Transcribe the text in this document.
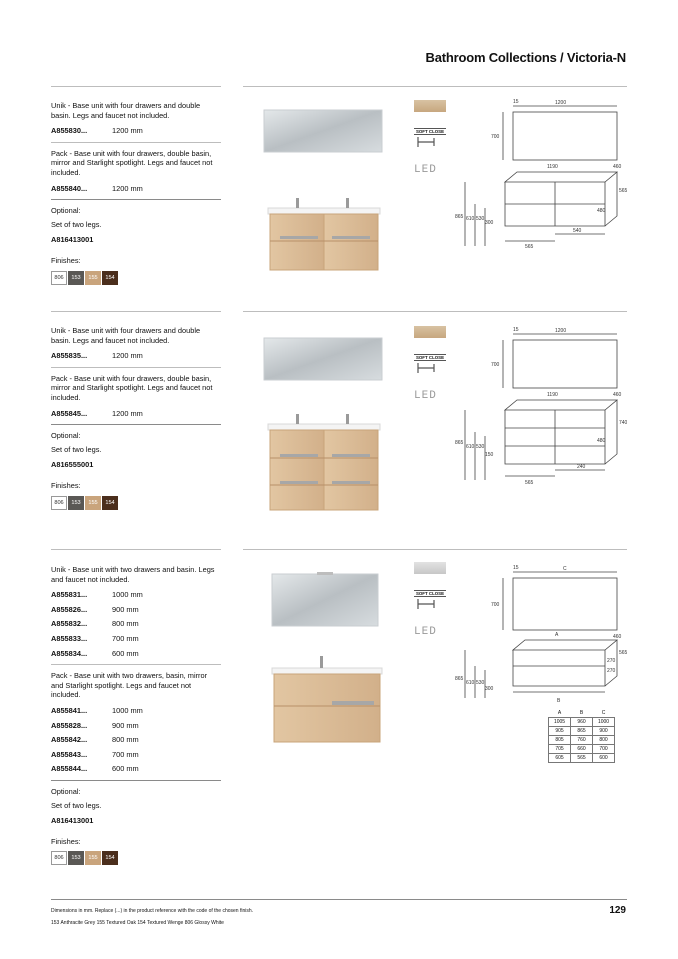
Bathroom Collections / Victoria-N

Unik - Base unit with four drawers and double basin. Legs and faucet not included.

A855830...	1200 mm

Pack - Base unit with four drawers, double basin, mirror and Starlight spotlight. Legs and faucet not included.

A855840...	1200 mm
Optional:
Set of two legs.
A816413001
Finishes:
806	153	155	154

Unik - Base unit with four drawers and double basin. Legs and faucet not included.

A855835...	1200 mm

Pack - Base unit with four drawers, double basin, mirror and Starlight spotlight. Legs and faucet not included.

A855845...	1200 mm
Optional:
Set of two legs.
A816555001
Finishes:
806	153	155	154

Unik - Base unit with two drawers and basin. Legs and faucet not included.

A855831...	1000 mm
A855826...	900 mm
A855832...	800 mm
A855833...	700 mm
A855834...	600 mm

Pack - Base unit with two drawers, basin, mirror and Starlight spotlight. Legs and faucet not included.

A855841...	1000 mm
A855828...	900 mm
A855842...	800 mm
A855843...	700 mm
A855844...	600 mm
Optional:
Set of two legs.
A816413001
Finishes:
806	153	155	154
SOFT CLOSE
LED
SOFT CLOSE
LED
SOFT CLOSE
LED
1200
15
700
1190	460
565
865 610 530
300
565
540
480
1200
15
700
1190	460
740
865
610 530
150
565
240
480
C
15
700
A	460
565
865
610 530
300
B
270
270
A	B	C
1005	960	1000
905	865	900
805	760	800
705	660	700
605	565	600
Dimensions in mm. Replace (...) in the product reference with the code of the chosen finish.
153 Anthracite Grey 155 Textured Oak 154 Textured Wenge 806 Glossy White
129
